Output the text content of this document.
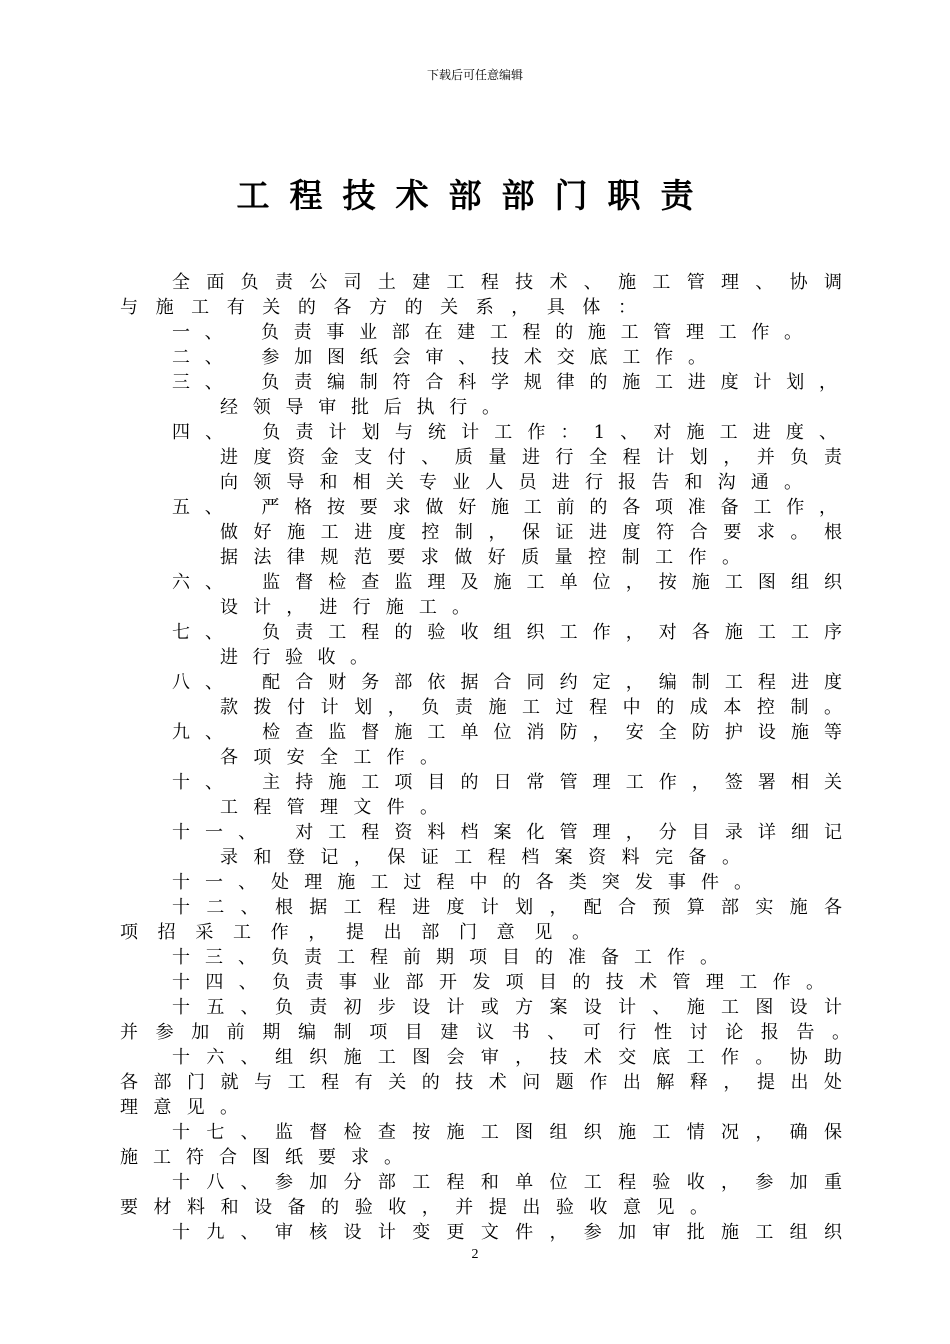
下载后可任意编辑
工程技术部部门职责
全面负责公司土建工程技术、施工管理、协调
与施工有关的各方的关系，具体：
一、　负责事业部在建工程的施工管理工作。
二、　参加图纸会审、技术交底工作。
三、　负责编制符合科学规律的施工进度计划，
经领导审批后执行。
四、　负责计划与统计工作：1、对施工进度、
进度资金支付、质量进行全程计划，并负责
向领导和相关专业人员进行报告和沟通。
五、　严格按要求做好施工前的各项准备工作，
做好施工进度控制，保证进度符合要求。根
据法律规范要求做好质量控制工作。
六、　监督检查监理及施工单位，按施工图组织
设计，进行施工。
七、　负责工程的验收组织工作，对各施工工序
进行验收。
八、　配合财务部依据合同约定，编制工程进度
款拨付计划，负责施工过程中的成本控制。
九、　检查监督施工单位消防，安全防护设施等
各项安全工作。
十、　主持施工项目的日常管理工作，签署相关
工程管理文件。
十一、　对工程资料档案化管理，分目录详细记
录和登记，保证工程档案资料完备。
十一、处理施工过程中的各类突发事件。
十二、根据工程进度计划，配合预算部实施各
项招采工作，提出部门意见。
十三、负责工程前期项目的准备工作。
十四、负责事业部开发项目的技术管理工作。
十五、负责初步设计或方案设计、施工图设计
并参加前期编制项目建议书、可行性讨论报告。
十六、组织施工图会审，技术交底工作。协助
各部门就与工程有关的技术问题作出解释，提出处
理意见。
十七、监督检查按施工图组织施工情况，确保
施工符合图纸要求。
十八、参加分部工程和单位工程验收，参加重
要材料和设备的验收，并提出验收意见。
十九、审核设计变更文件，参加审批施工组织
2
